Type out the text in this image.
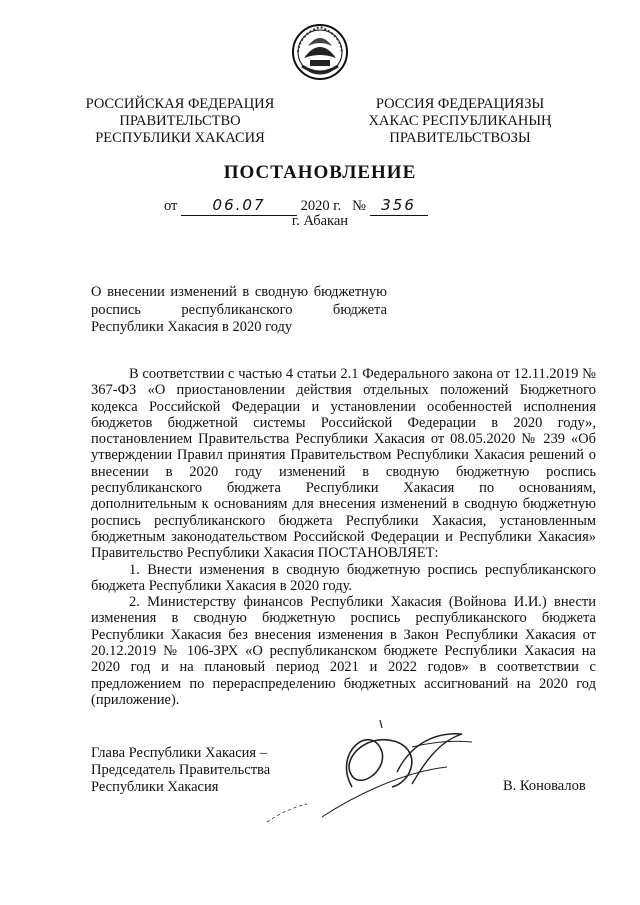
РОССИЙСКАЯ ФЕДЕРАЦИЯ
ПРАВИТЕЛЬСТВО
РЕСПУБЛИКИ ХАКАСИЯ
РОССИЯ ФЕДЕРАЦИЯЗЫ
ХАКАС РЕСПУБЛИКАНЫҢ
ПРАВИТЕЛЬСТВОЗЫ
ПОСТАНОВЛЕНИЕ
от 06.07 2020 г. № 356
г. Абакан
О внесении изменений в сводную бюджетную роспись республиканского бюджета Республики Хакасия в 2020 году

В соответствии с частью 4 статьи 2.1 Федерального закона от 12.11.2019 № 367-ФЗ «О приостановлении действия отдельных положений Бюджетного кодекса Российской Федерации и установлении особенностей исполнения бюджетов бюджетной системы Российской Федерации в 2020 году», постановлением Правительства Республики Хакасия от 08.05.2020 № 239 «Об утверждении Правил принятия Правительством Республики Хакасия решений о внесении в 2020 году изменений в сводную бюджетную роспись республиканского бюджета Республики Хакасия по основаниям, дополнительным к основаниям для внесения изменений в сводную бюджетную роспись республиканского бюджета Республики Хакасия, установленным бюджетным законодательством Российской Федерации и Республики Хакасия» Правительство Республики Хакасия ПОСТАНОВЛЯЕТ:

1. Внести изменения в сводную бюджетную роспись республиканского бюджета Республики Хакасия в 2020 году.

2. Министерству финансов Республики Хакасия (Войнова И.И.) внести изменения в сводную бюджетную роспись республиканского бюджета Республики Хакасия без внесения изменения в Закон Республики Хакасия от 20.12.2019 № 106-ЗРХ «О республиканском бюджете Республики Хакасия на 2020 год и на плановый период 2021 и 2022 годов» в соответствии с предложением по перераспределению бюджетных ассигнований на 2020 год (приложение).

Глава Республики Хакасия –
Председатель Правительства
Республики Хакасия	В. Коновалов
